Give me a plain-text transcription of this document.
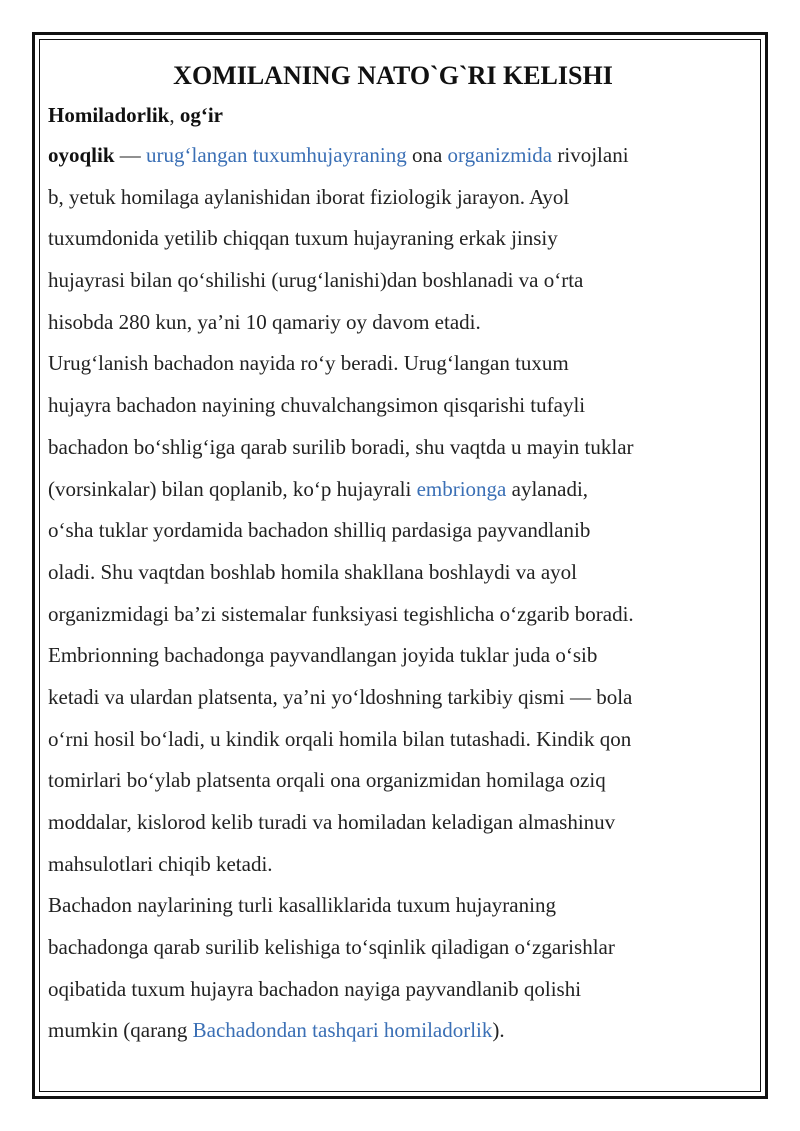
XOMILANING NATO`G`RI KELISHI
Homiladorlik, og‘ir
oyoqlik — urug‘langan tuxumhujayraning ona organizmida rivojlani
b, yetuk homilaga aylanishidan iborat fiziologik jarayon. Ayol
tuxumdonida yetilib chiqqan tuxum hujayraning erkak jinsiy
hujayrasi bilan qo‘shilishi (urug‘lanishi)dan boshlanadi va o‘rta
hisobda 280 kun, ya’ni 10 qamariy oy davom etadi.
Urug‘lanish bachadon nayida ro‘y beradi. Urug‘langan tuxum
hujayra bachadon nayining chuvalchangsimon qisqarishi tufayli
bachadon bo‘shlig‘iga qarab surilib boradi, shu vaqtda u mayin tuklar
(vorsinkalar) bilan qoplanib, ko‘p hujayrali embrionga aylanadi,
o‘sha tuklar yordamida bachadon shilliq pardasiga payvandlanib
oladi. Shu vaqtdan boshlab homila shakllana boshlaydi va ayol
organizmidagi ba’zi sistemalar funksiyasi tegishlicha o‘zgarib boradi.
Embrionning bachadonga payvandlangan joyida tuklar juda o‘sib
ketadi va ulardan platsenta, ya’ni yo‘ldoshning tarkibiy qismi — bola
o‘rni hosil bo‘ladi, u kindik orqali homila bilan tutashadi. Kindik qon
tomirlari bo‘ylab platsenta orqali ona organizmidan homilaga oziq
moddalar, kislorod kelib turadi va homiladan keladigan almashinuv
mahsulotlari chiqib ketadi.
Bachadon naylarining turli kasalliklarida tuxum hujayraning
bachadonga qarab surilib kelishiga to‘sqinlik qiladigan o‘zgarishlar
oqibatida tuxum hujayra bachadon nayiga payvandlanib qolishi
mumkin (qarang Bachadondan tashqari homiladorlik).
